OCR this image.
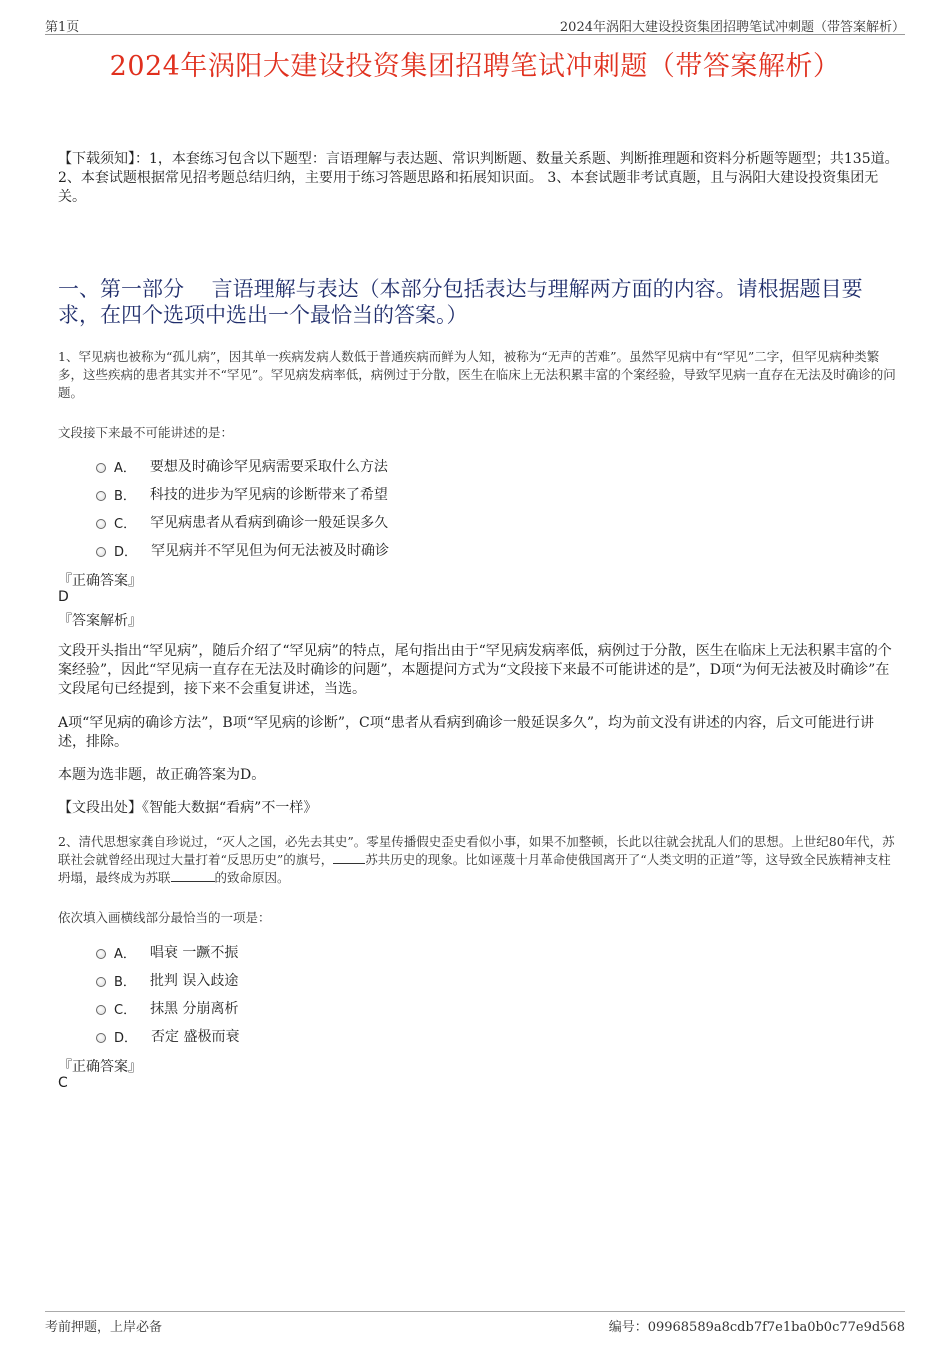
第1页	2024年涡阳大建设投资集团招聘笔试冲刺题（带答案解析）
2024年涡阳大建设投资集团招聘笔试冲刺题（带答案解析）
【下载须知】：1，本套练习包含以下题型：言语理解与表达题、常识判断题、数量关系题、判断推理题和资料分析题等题型；共135道。 2、本套试题根据常见招考题总结归纳，主要用于练习答题思路和拓展知识面。 3、本套试题非考试真题，且与涡阳大建设投资集团无关。
一、第一部分　 言语理解与表达（本部分包括表达与理解两方面的内容。请根据题目要求，在四个选项中选出一个最恰当的答案。）
1、罕见病也被称为“孤儿病”，因其单一疾病发病人数低于普通疾病而鲜为人知，被称为“无声的苦难”。虽然罕见病中有“罕见”二字，但罕见病种类繁多，这些疾病的患者其实并不“罕见”。罕见病发病率低，病例过于分散，医生在临床上无法积累丰富的个案经验，导致罕见病一直存在无法及时确诊的问题。
文段接下来最不可能讲述的是：
A． 要想及时确诊罕见病需要采取什么方法
B． 科技的进步为罕见病的诊断带来了希望
C． 罕见病患者从看病到确诊一般延误多久
D． 罕见病并不罕见但为何无法被及时确诊
『正确答案』
D
『答案解析』
文段开头指出“罕见病”，随后介绍了“罕见病”的特点，尾句指出由于“罕见病发病率低，病例过于分散，医生在临床上无法积累丰富的个案经验”，因此“罕见病一直存在无法及时确诊的问题”，本题提问方式为“文段接下来最不可能讲述的是”，D项“为何无法被及时确诊”在文段尾句已经提到，接下来不会重复讲述，当选。
A项“罕见病的确诊方法”，B项“罕见病的诊断”，C项“患者从看病到确诊一般延误多久”，均为前文没有讲述的内容，后文可能进行讲述，排除。
本题为选非题，故正确答案为D。
【文段出处】《智能大数据“看病”不一样》
2、清代思想家龚自珍说过，“灭人之国，必先去其史”。零星传播假史歪史看似小事，如果不加整顿，长此以往就会扰乱人们的思想。上世纪80年代，苏联社会就曾经出现过大量打着“反思历史”的旗号，	苏共历史的现象。比如诬蔑十月革命使俄国离开了“人类文明的正道”等，这导致全民族精神支柱坍塌，最终成为苏联	的致命原因。
依次填入画横线部分最恰当的一项是：
A． 唱衰 一蹶不振
B． 批判 误入歧途
C． 抹黑 分崩离析
D． 否定 盛极而衰
『正确答案』
C
考前押题，上岸必备	编号：09968589a8cdb7f7e1ba0b0c77e9d568
